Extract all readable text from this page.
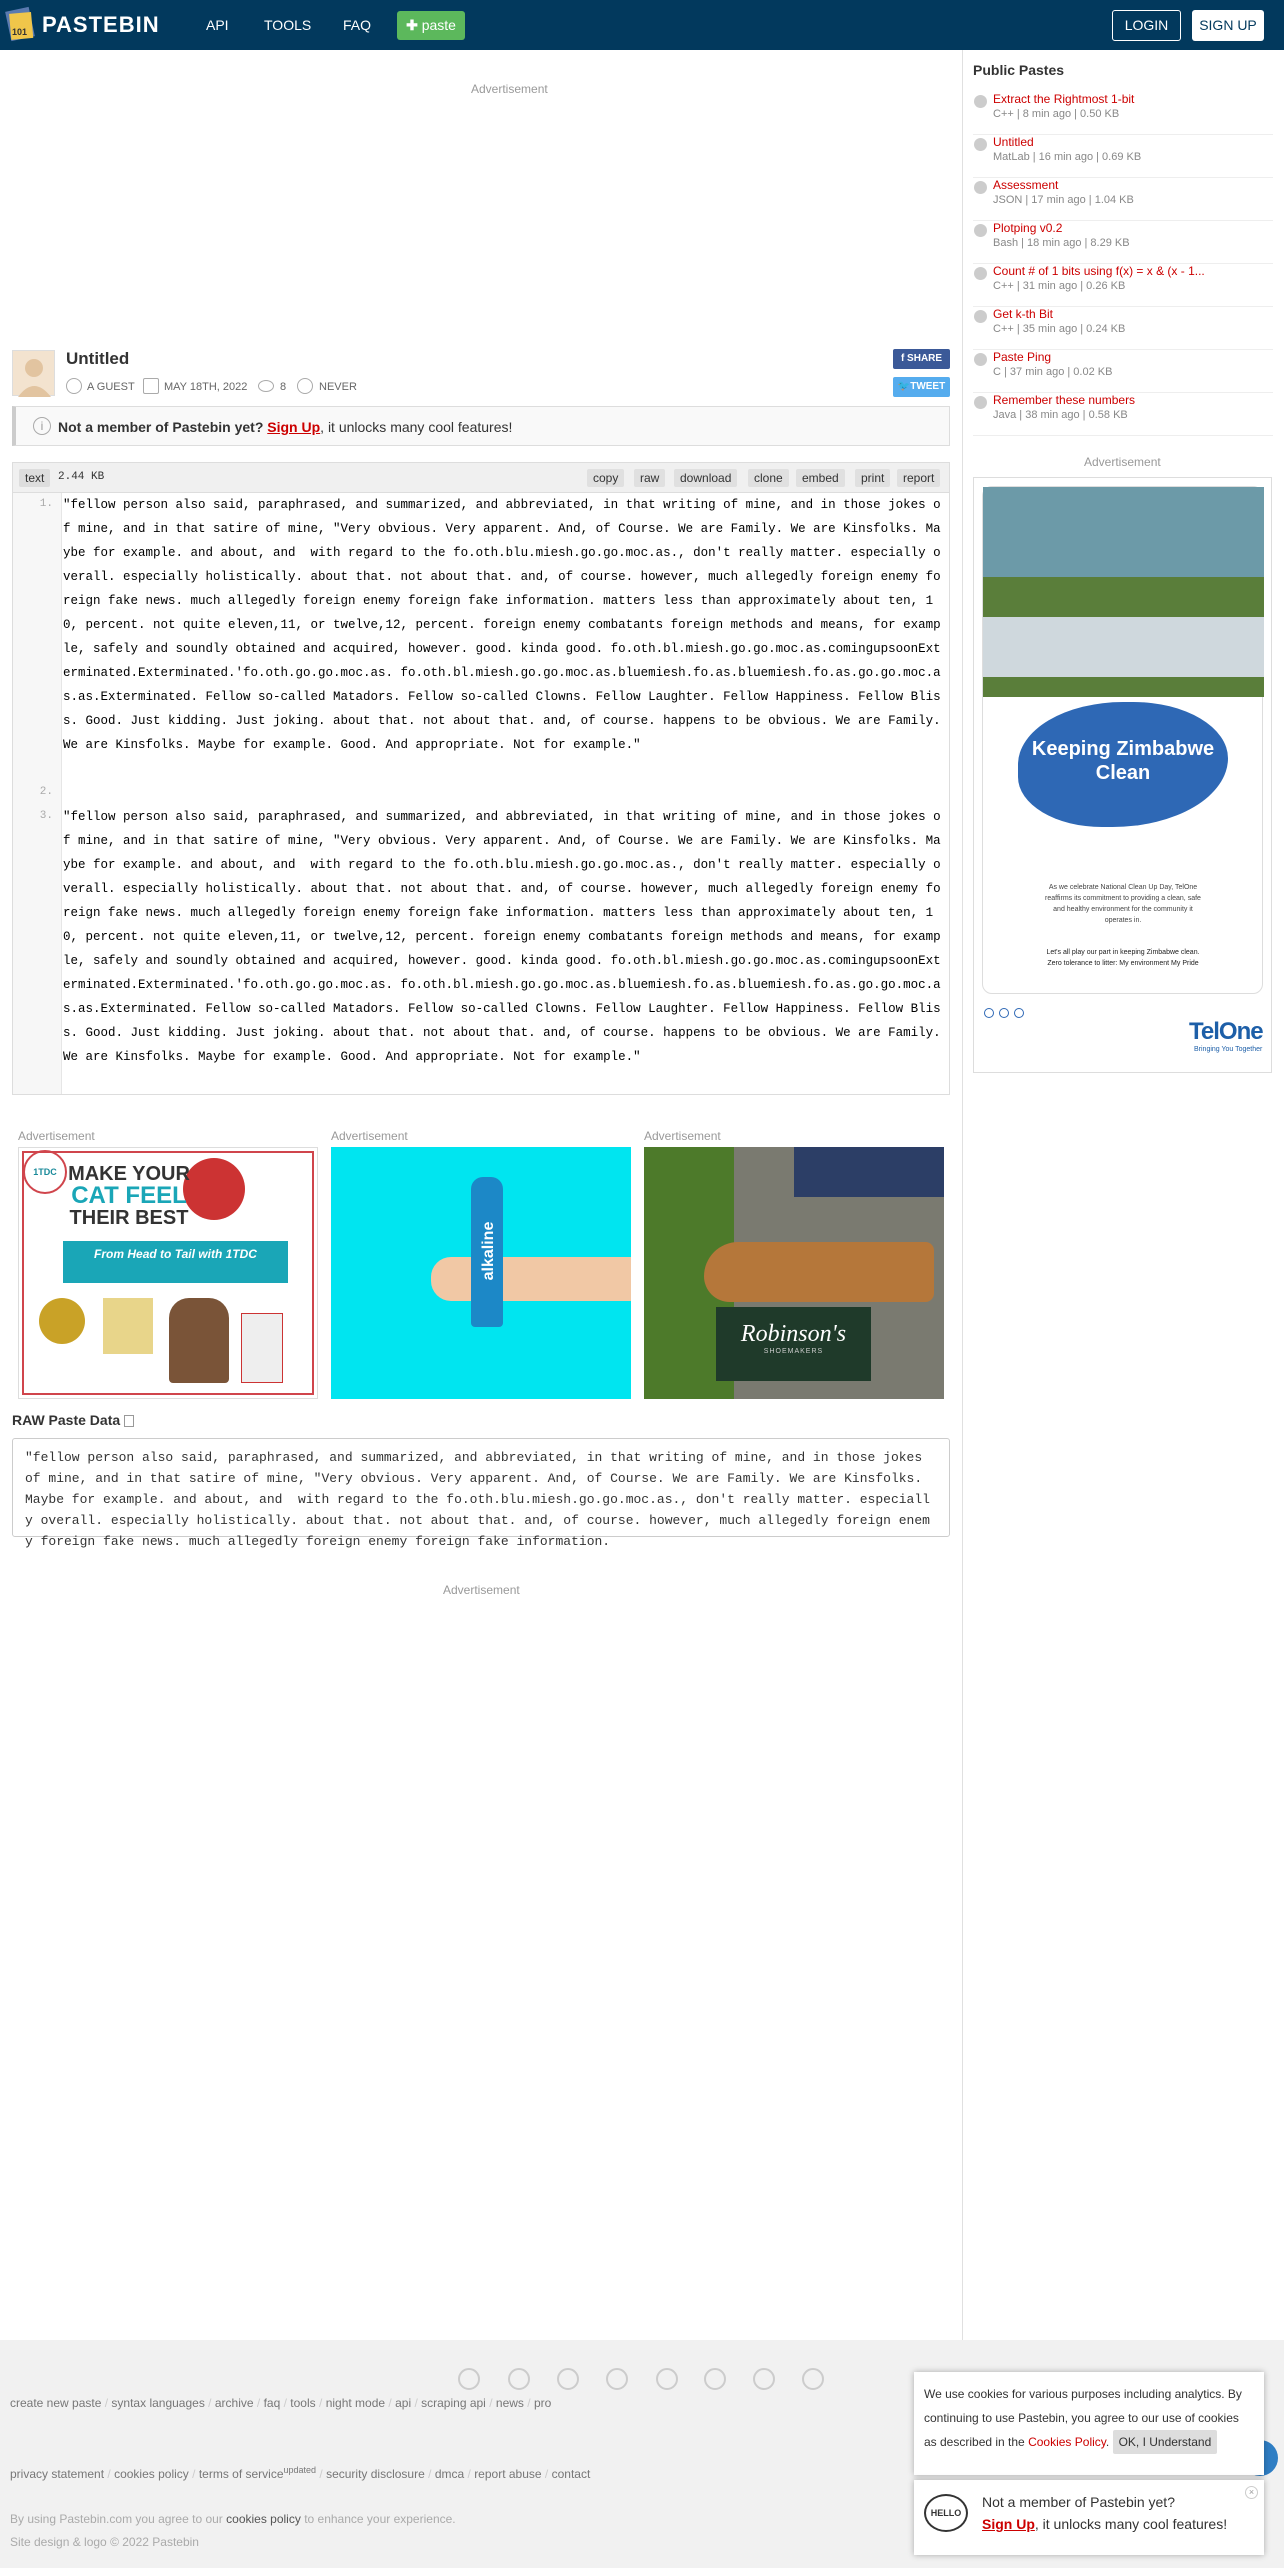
101 PASTEBIN	API	TOOLS FAQ	✚ paste	LOGIN	SIGN UP
Advertisement
Untitled
A GUEST	MAY 18TH, 2022	8	NEVER
f SHARE
🐦TWEET
i	Not a member of Pastebin yet? Sign Up, it unlocks many cool features!
text	2.44 KB	copy	raw	download	clone	embed	print	report
1.
2.
3.
"fellow person also said, paraphrased, and summarized, and abbreviated, in that writing of mine, and in those jokes of mine, and in that satire of mine, "Very obvious. Very apparent. And, of Course. We are Family. We are Kinsfolks. Maybe for example. and about, and  with regard to the fo.oth.blu.miesh.go.go.moc.as., don't really matter. especially overall. especially holistically. about that. not about that. and, of course. however, much allegedly foreign enemy foreign fake news. much allegedly foreign enemy foreign fake information. matters less than approximately about ten, 10, percent. not quite eleven,11, or twelve,12, percent. foreign enemy combatants foreign methods and means, for example, safely and soundly obtained and acquired, however. good. kinda good. fo.oth.bl.miesh.go.go.moc.as.comingupsoonExterminated.Exterminated.'fo.oth.go.go.moc.as. fo.oth.bl.miesh.go.go.moc.as.bluemiesh.fo.as.bluemiesh.fo.as.go.go.moc.as.as.Exterminated. Fellow so-called Matadors. Fellow so-called Clowns. Fellow Laughter. Fellow Happiness. Fellow Bliss. Good. Just kidding. Just joking. about that. not about that. and, of course. happens to be obvious. We are Family. We are Kinsfolks. Maybe for example. Good. And appropriate. Not for example."
"fellow person also said, paraphrased, and summarized, and abbreviated, in that writing of mine, and in those jokes of mine, and in that satire of mine, "Very obvious. Very apparent. And, of Course. We are Family. We are Kinsfolks. Maybe for example. and about, and  with regard to the fo.oth.blu.miesh.go.go.moc.as., don't really matter. especially overall. especially holistically. about that. not about that. and, of course. however, much allegedly foreign enemy foreign fake news. much allegedly foreign enemy foreign fake information. matters less than approximately about ten, 10, percent. not quite eleven,11, or twelve,12, percent. foreign enemy combatants foreign methods and means, for example, safely and soundly obtained and acquired, however. good. kinda good. fo.oth.bl.miesh.go.go.moc.as.comingupsoonExterminated.Exterminated.'fo.oth.go.go.moc.as. fo.oth.bl.miesh.go.go.moc.as.bluemiesh.fo.as.bluemiesh.fo.as.go.go.moc.as.as.Exterminated. Fellow so-called Matadors. Fellow so-called Clowns. Fellow Laughter. Fellow Happiness. Fellow Bliss. Good. Just kidding. Just joking. about that. not about that. and, of course. happens to be obvious. We are Family. We are Kinsfolks. Maybe for example. Good. And appropriate. Not for example."
Advertisement	Advertisement	Advertisement
1TDC MAKE YOUR
CAT FEEL
THEIR BEST
From Head to Tail with 1TDC	alkaline
Robinson's
SHOEMAKERS
RAW Paste Data
"fellow person also said, paraphrased, and summarized, and abbreviated, in that writing of mine, and in those jokes of mine, and in that satire of mine, "Very obvious. Very apparent. And, of Course. We are Family. We are Kinsfolks. Maybe for example. and about, and  with regard to the fo.oth.blu.miesh.go.go.moc.as., don't really matter. especially overall. especially holistically. about that. not about that. and, of course. however, much allegedly foreign enemy foreign fake news. much allegedly foreign enemy foreign fake information.
Advertisement
Public Pastes
Extract the Rightmost 1-bit
C++ | 8 min ago | 0.50 KB
Untitled
MatLab | 16 min ago | 0.69 KB
Assessment
JSON | 17 min ago | 1.04 KB
Plotping v0.2
Bash | 18 min ago | 8.29 KB
Count # of 1 bits using f(x) = x & (x - 1...
C++ | 31 min ago | 0.26 KB
Get k-th Bit
C++ | 35 min ago | 0.24 KB
Paste Ping
C | 37 min ago | 0.02 KB
Remember these numbers
Java | 38 min ago | 0.58 KB
Advertisement
Keeping Zimbabwe Clean
As we celebrate National Clean Up Day, TelOne reaffirms its commitment to providing a clean, safe and healthy environment for the community it operates in.
Let's all play our part in keeping Zimbabwe clean. Zero tolerance to litter: My environment My Pride
TelOne
Bringing You Together
create new paste / syntax languages / archive / faq / tools / night mode / api / scraping api / news / pro
privacy statement / cookies policy / terms of service$^{updated}$ / security disclosure / dmca / report abuse / contact
By using Pastebin.com you agree to our cookies policy to enhance your experience.
Site design & logo © 2022 Pastebin
We use cookies for various purposes including analytics. By continuing to use Pastebin, you agree to our use of cookies as described in the Cookies Policy. OK, I Understand
HELLO
Not a member of Pastebin yet?
Sign Up, it unlocks many cool features!
×
